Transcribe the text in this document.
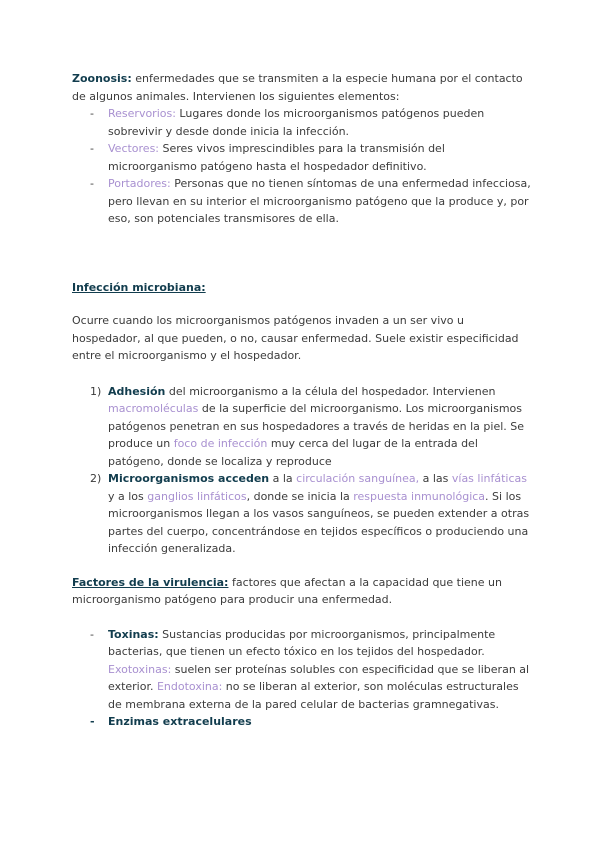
Zoonosis: enfermedades que se transmiten a la especie humana por el contacto de algunos animales. Intervienen los siguientes elementos:

- Reservorios: Lugares donde los microorganismos patógenos pueden sobrevivir y desde donde inicia la infección.
- Vectores: Seres vivos imprescindibles para la transmisión del microorganismo patógeno hasta el hospedador definitivo.
- Portadores: Personas que no tienen síntomas de una enfermedad infecciosa, pero llevan en su interior el microorganismo patógeno que la produce y, por eso, son potenciales transmisores de ella.

Infección microbiana:

Ocurre cuando los microorganismos patógenos invaden a un ser vivo u hospedador, al que pueden, o no, causar enfermedad. Suele existir especificidad entre el microorganismo y el hospedador.

1) Adhesión del microorganismo a la célula del hospedador. Intervienen macromoléculas de la superficie del microorganismo. Los microorganismos patógenos penetran en sus hospedadores a través de heridas en la piel. Se produce un foco de infección muy cerca del lugar de la entrada del patógeno, donde se localiza y reproduce
2) Microorganismos acceden a la circulación sanguínea, a las vías linfáticas y a los ganglios linfáticos, donde se inicia la respuesta inmunológica. Si los microorganismos llegan a los vasos sanguíneos, se pueden extender a otras partes del cuerpo, concentrándose en tejidos específicos o produciendo una infección generalizada.

Factores de la virulencia: factores que afectan a la capacidad que tiene un microorganismo patógeno para producir una enfermedad.

- Toxinas: Sustancias producidas por microorganismos, principalmente bacterias, que tienen un efecto tóxico en los tejidos del hospedador. Exotoxinas: suelen ser proteínas solubles con especificidad que se liberan al exterior. Endotoxina: no se liberan al exterior, son moléculas estructurales de membrana externa de la pared celular de bacterias gramnegativas.
- Enzimas extracelulares
